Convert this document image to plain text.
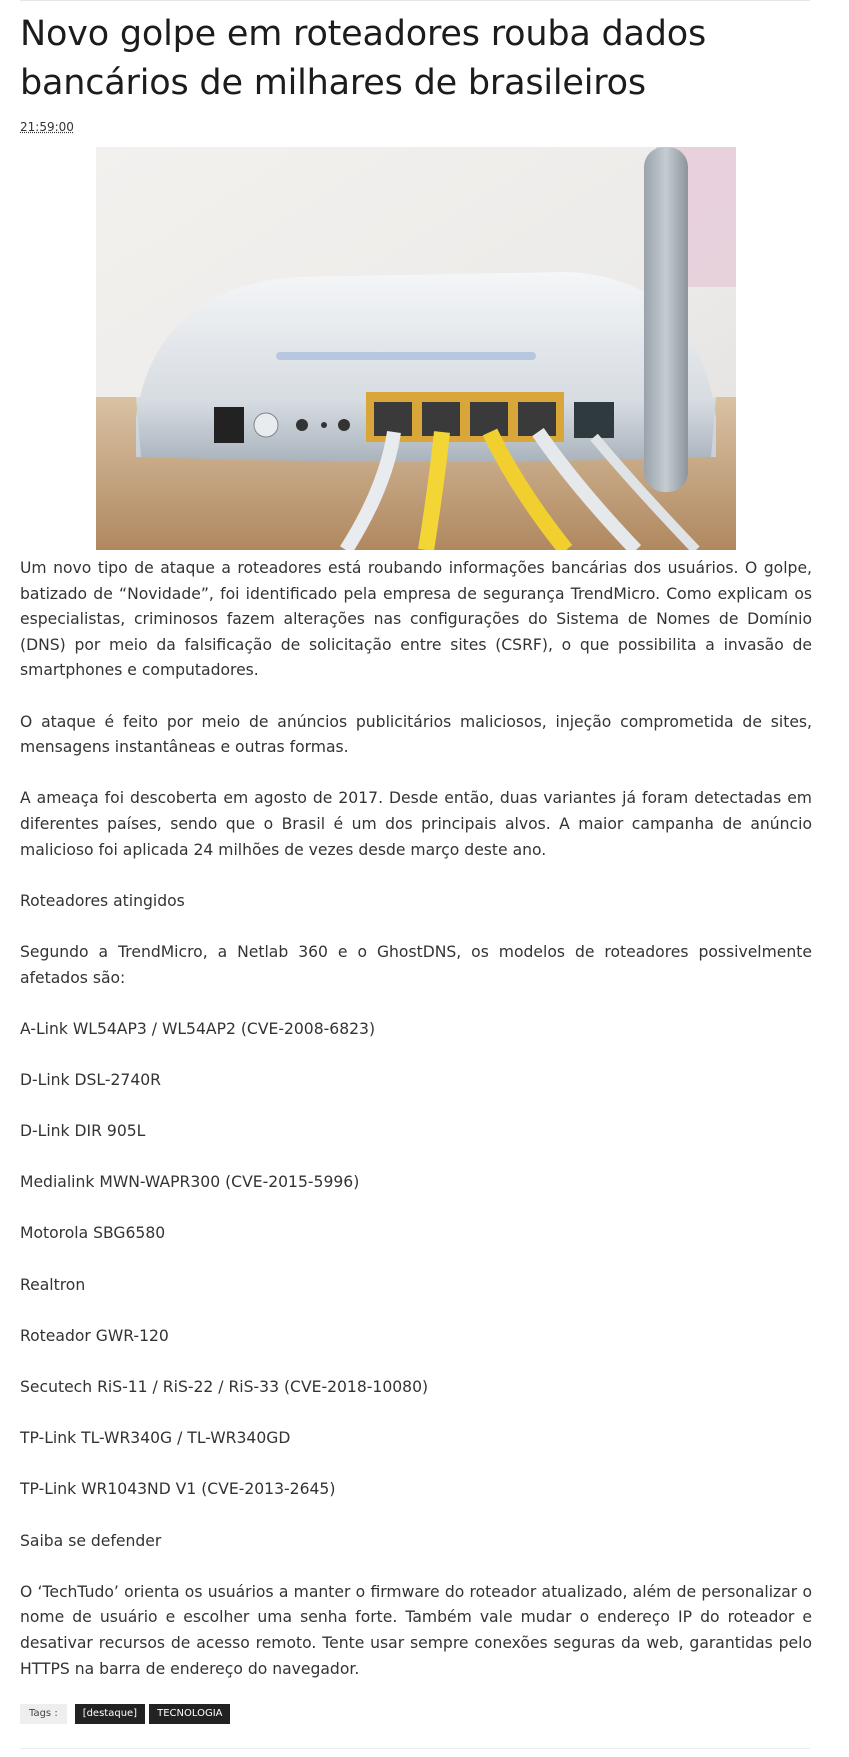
Novo golpe em roteadores rouba dados bancários de milhares de brasileiros
21:59:00

Um novo tipo de ataque a roteadores está roubando informações bancárias dos usuários. O golpe, batizado de “Novidade”, foi identificado pela empresa de segurança TrendMicro. Como explicam os especialistas, criminosos fazem alterações nas configurações do Sistema de Nomes de Domínio (DNS) por meio da falsificação de solicitação entre sites (CSRF), o que possibilita a invasão de smartphones e computadores.

O ataque é feito por meio de anúncios publicitários maliciosos, injeção comprometida de sites, mensagens instantâneas e outras formas.

A ameaça foi descoberta em agosto de 2017. Desde então, duas variantes já foram detectadas em diferentes países, sendo que o Brasil é um dos principais alvos. A maior campanha de anúncio malicioso foi aplicada 24 milhões de vezes desde março deste ano.

Roteadores atingidos

Segundo a TrendMicro, a Netlab 360 e o GhostDNS, os modelos de roteadores possivelmente afetados são:

A-Link WL54AP3 / WL54AP2 (CVE-2008-6823)

D-Link DSL-2740R

D-Link DIR 905L

Medialink MWN-WAPR300 (CVE-2015-5996)

Motorola SBG6580

Realtron

Roteador GWR-120

Secutech RiS-11 / RiS-22 / RiS-33 (CVE-2018-10080)

TP-Link TL-WR340G / TL-WR340GD

TP-Link WR1043ND V1 (CVE-2013-2645)

Saiba se defender

O ‘TechTudo’ orienta os usuários a manter o firmware do roteador atualizado, além de personalizar o nome de usuário e escolher uma senha forte. Também vale mudar o endereço IP do roteador e desativar recursos de acesso remoto. Tente usar sempre conexões seguras da web, garantidas pelo HTTPS na barra de endereço do navegador.

Tags :	[destaque]	TECNOLOGIA
